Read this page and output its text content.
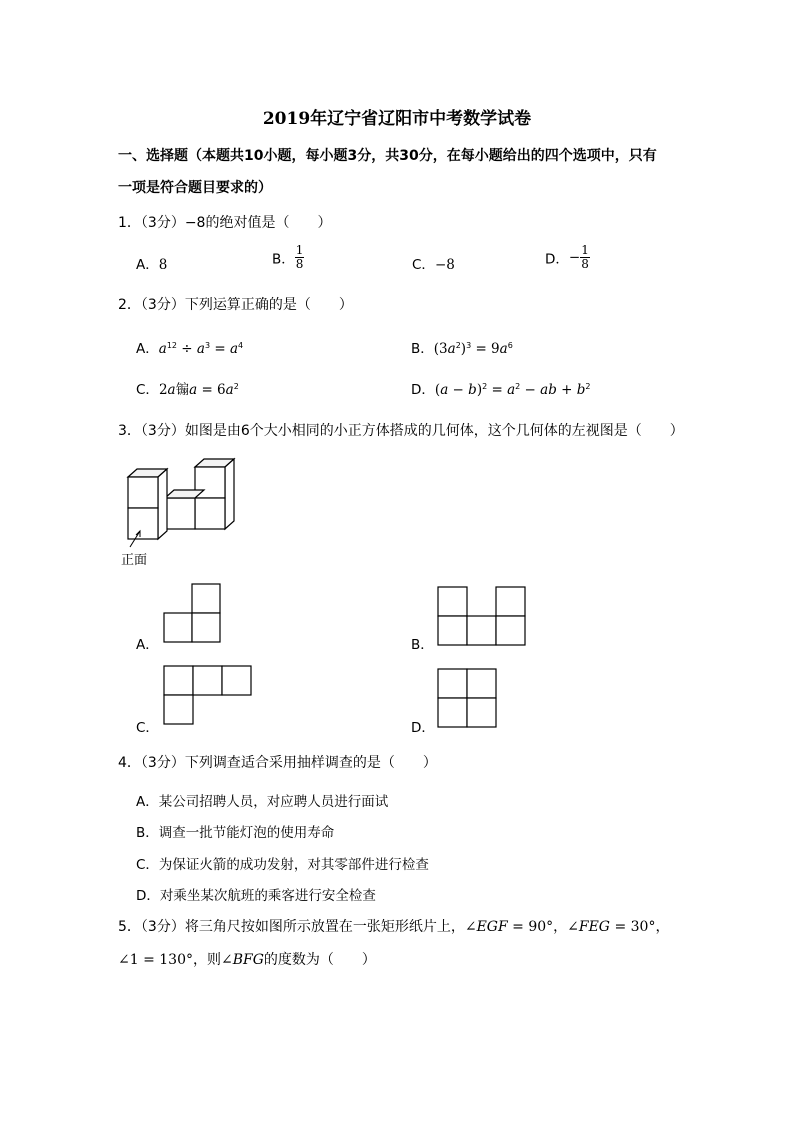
2019年辽宁省辽阳市中考数学试卷
一、选择题（本题共10小题，每小题3分，共30分，在每小题给出的四个选项中，只有
一项是符合题目要求的）
1．（3分）−8的绝对值是（　　）
A．8	B． $\frac{1}{8}$	C．−8	D．− $\frac{1}{8}$
2．（3分）下列运算正确的是（　　）
A．$a^{12} \div a^3 = a^4$	B．$(3a^2)^3 = 9a^6$
C．2a䦂$a = 6a^2$	D．$(a - b)^2 = a^2$ − ab + $b^2$
3．（3分）如图是由6个大小相同的小正方体搭成的几何体，这个几何体的左视图是（　　）
正面
A．	B．
C．	D．
4．（3分）下列调查适合采用抽样调查的是（　　）
A．某公司招聘人员，对应聘人员进行面试
B．调查一批节能灯泡的使用寿命
C．为保证火箭的成功发射，对其零部件进行检查
D．对乘坐某次航班的乘客进行安全检查
5．（3分）将三角尺按如图所示放置在一张矩形纸片上，∠EGF = 90°，∠FEG = 30°，
∠1 = 130°，则∠BFG的度数为（　　）
